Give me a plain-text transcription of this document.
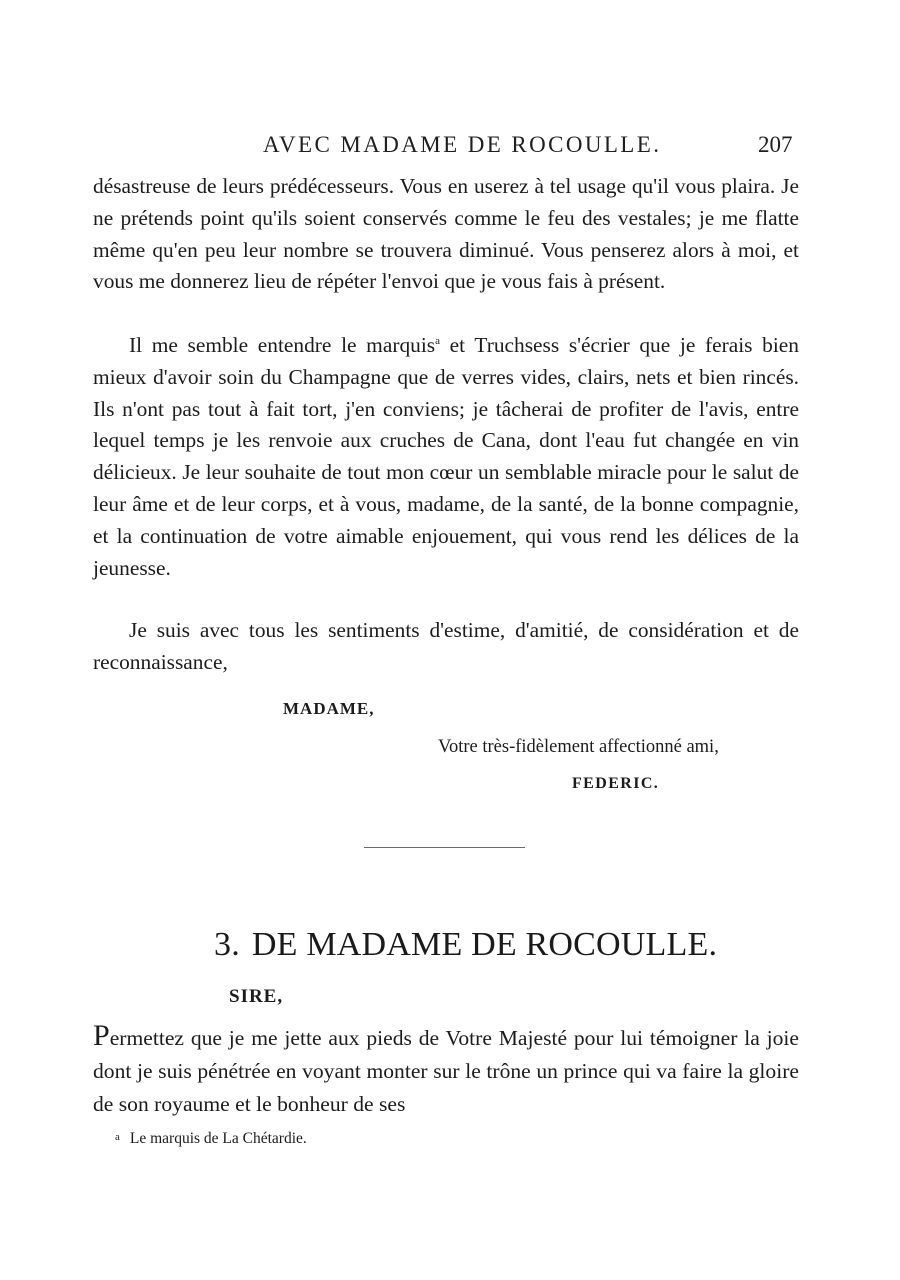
AVEC MADAME DE ROCOULLE.	207

désastreuse de leurs prédécesseurs. Vous en userez à tel usage qu'il vous plaira. Je ne prétends point qu'ils soient conservés comme le feu des vestales; je me flatte même qu'en peu leur nombre se trouvera diminué. Vous penserez alors à moi, et vous me donnerez lieu de répéter l'envoi que je vous fais à présent.

Il me semble entendre le marquis$^a$ et Truchsess s'écrier que je ferais bien mieux d'avoir soin du Champagne que de verres vides, clairs, nets et bien rincés. Ils n'ont pas tout à fait tort, j'en conviens; je tâcherai de profiter de l'avis, entre lequel temps je les renvoie aux cruches de Cana, dont l'eau fut changée en vin délicieux. Je leur souhaite de tout mon cœur un semblable miracle pour le salut de leur âme et de leur corps, et à vous, madame, de la santé, de la bonne compagnie, et la continuation de votre aimable enjouement, qui vous rend les délices de la jeunesse.

Je suis avec tous les sentiments d'estime, d'amitié, de considération et de reconnaissance,

MADAME,
Votre très-fidèlement affectionné ami,
FEDERIC.
3. DE MADAME DE ROCOULLE.
SIRE,

Permettez que je me jette aux pieds de Votre Majesté pour lui témoigner la joie dont je suis pénétrée en voyant monter sur le trône un prince qui va faire la gloire de son royaume et le bonheur de ses

a Le marquis de La Chétardie.
